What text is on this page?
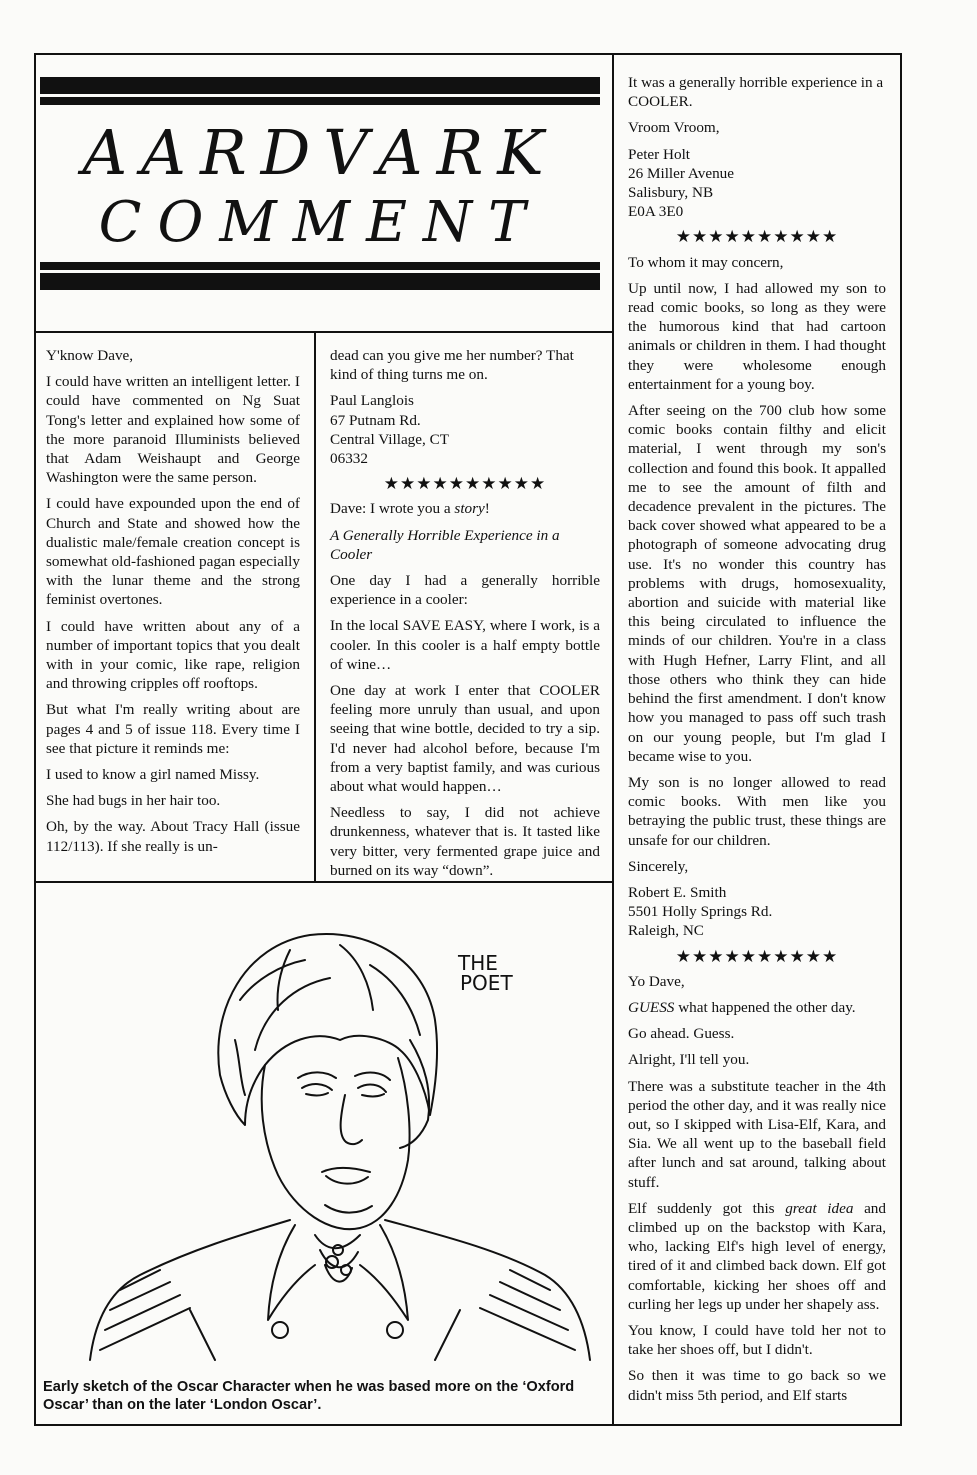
AARDVARK
COMMENT

Y'know Dave,

I could have written an intelligent letter. I could have commented on Ng Suat Tong's letter and explained how some of the more paranoid Illuminists believed that Adam Weishaupt and George Washington were the same person.

I could have expounded upon the end of Church and State and showed how the dualistic male/female creation concept is somewhat old-fashioned pagan especially with the lunar theme and the strong feminist overtones.

I could have written about any of a number of important topics that you dealt with in your comic, like rape, religion and throwing cripples off rooftops.

But what I'm really writing about are pages 4 and 5 of issue 118. Every time I see that picture it reminds me:

I used to know a girl named Missy.

She had bugs in her hair too.

Oh, by the way. About Tracy Hall (issue 112/113). If she really is un-

dead can you give me her number? That kind of thing turns me on.

Paul Langlois
67 Putnam Rd.
Central Village, CT
06332
★★★★★★★★★★

Dave: I wrote you a story!

A Generally Horrible Experience in a Cooler

One day I had a generally horrible experience in a cooler:

In the local SAVE EASY, where I work, is a cooler. In this cooler is a half empty bottle of wine…

One day at work I enter that COOLER feeling more unruly than usual, and upon seeing that wine bottle, decided to try a sip. I'd never had alcohol before, because I'm from a very baptist family, and was curious about what would happen…

Needless to say, I did not achieve drunkenness, whatever that is. It tasted like very bitter, very fermented grape juice and burned on its way “down”.

It was a generally horrible experience in a COOLER.

Vroom Vroom,

Peter Holt
26 Miller Avenue
Salisbury, NB
E0A 3E0
★★★★★★★★★★

To whom it may concern,

Up until now, I had allowed my son to read comic books, so long as they were the humorous kind that had cartoon animals or children in them. I had thought they were wholesome enough entertainment for a young boy.

After seeing on the 700 club how some comic books contain filthy and elicit material, I went through my son's collection and found this book. It appalled me to see the amount of filth and decadence prevalent in the pictures. The back cover showed what appeared to be a photograph of someone advocating drug use. It's no wonder this country has problems with drugs, homosexuality, abortion and suicide with material like this being circulated to influence the minds of our children. You're in a class with Hugh Hefner, Larry Flint, and all those others who think they can hide behind the first amendment. I don't know how you managed to pass off such trash on our young people, but I'm glad I became wise to you.

My son is no longer allowed to read comic books. With men like you betraying the public trust, these things are unsafe for our children.

Sincerely,

Robert E. Smith
5501 Holly Springs Rd.
Raleigh, NC
★★★★★★★★★★

Yo Dave,

GUESS what happened the other day.

Go ahead. Guess.

Alright, I'll tell you.

There was a substitute teacher in the 4th period the other day, and it was really nice out, so I skipped with Lisa-Elf, Kara, and Sia. We all went up to the baseball field after lunch and sat around, talking about stuff.

Elf suddenly got this great idea and climbed up on the backstop with Kara, who, lacking Elf's high level of energy, tired of it and climbed back down. Elf got comfortable, kicking her shoes off and curling her legs up under her shapely ass.

You know, I could have told her not to take her shoes off, but I didn't.

So then it was time to go back so we didn't miss 5th period, and Elf starts

THE
POET
Early sketch of the Oscar Character when he was based more on the ‘Oxford Oscar’ than on the later ‘London Oscar’.
